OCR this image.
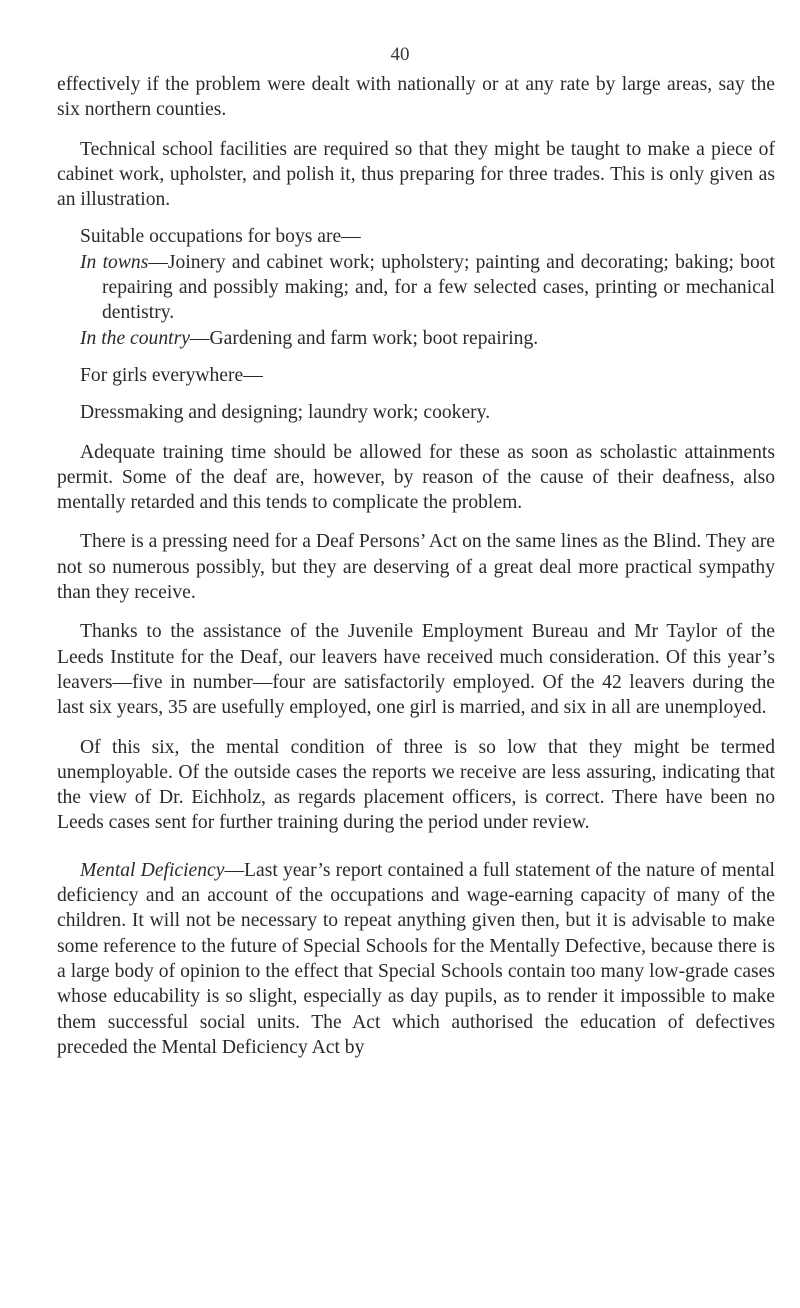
40

effectively if the problem were dealt with nationally or at any rate by large areas, say the six northern counties.

Technical school facilities are required so that they might be taught to make a piece of cabinet work, upholster, and polish it, thus preparing for three trades. This is only given as an illustration.

Suitable occupations for boys are—

In towns—Joinery and cabinet work; upholstery; painting and decorating; baking; boot repairing and possibly making; and, for a few selected cases, printing or mechanical dentistry.

In the country—Gardening and farm work; boot repairing.

For girls everywhere—

Dressmaking and designing; laundry work; cookery.

Adequate training time should be allowed for these as soon as scholastic attainments permit. Some of the deaf are, however, by reason of the cause of their deafness, also mentally retarded and this tends to complicate the problem.

There is a pressing need for a Deaf Persons’ Act on the same lines as the Blind. They are not so numerous possibly, but they are deserving of a great deal more practical sympathy than they receive.

Thanks to the assistance of the Juvenile Employment Bureau and Mr Taylor of the Leeds Institute for the Deaf, our leavers have received much consideration. Of this year’s leavers—five in number—four are satisfactorily employed. Of the 42 leavers during the last six years, 35 are usefully employed, one girl is married, and six in all are unemployed.

Of this six, the mental condition of three is so low that they might be termed unemployable. Of the outside cases the reports we receive are less assuring, indicating that the view of Dr. Eichholz, as regards placement officers, is correct. There have been no Leeds cases sent for further training during the period under review.

Mental Deficiency—Last year’s report contained a full statement of the nature of mental deficiency and an account of the occupations and wage-earning capacity of many of the children. It will not be necessary to repeat anything given then, but it is advisable to make some reference to the future of Special Schools for the Mentally Defective, because there is a large body of opinion to the effect that Special Schools contain too many low-grade cases whose educability is so slight, especially as day pupils, as to render it impossible to make them successful social units. The Act which authorised the education of defectives preceded the Mental Deficiency Act by
